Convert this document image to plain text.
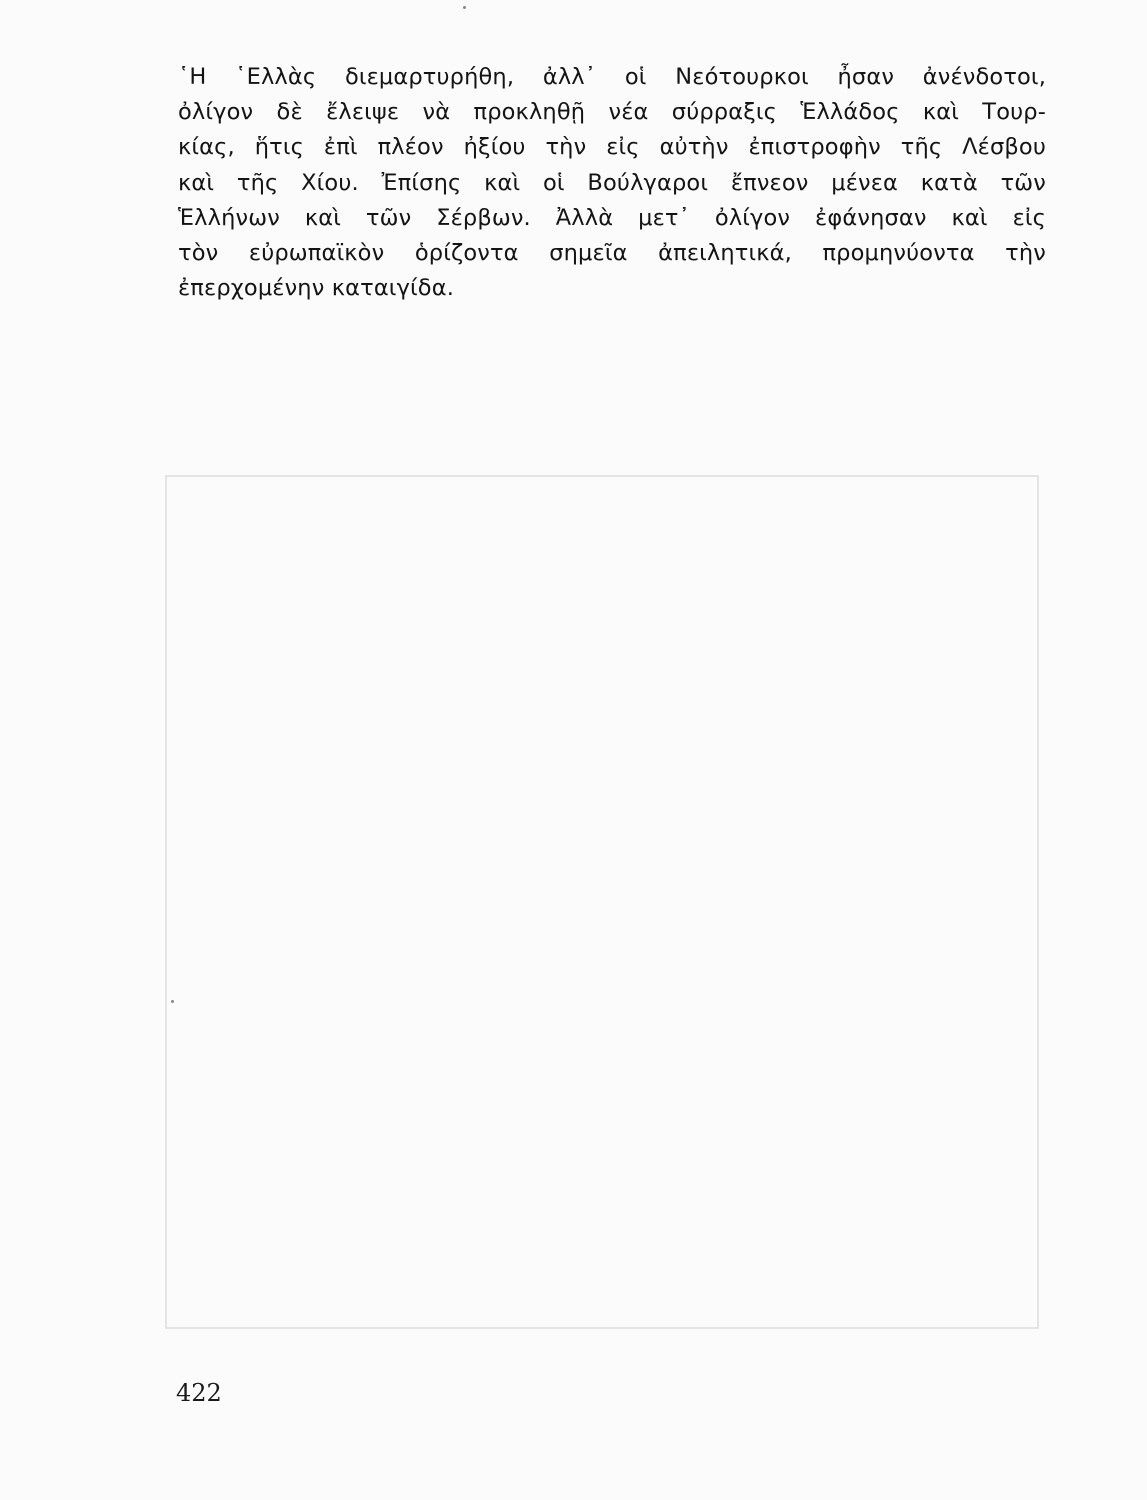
῾Η ῾Ελλὰς διεμαρτυρήθη, ἀλλ᾽ οἱ Νεότουρκοι ἦσαν ἀνένδοτοι,
ὀλίγον δὲ ἔλειψε νὰ προκληθῇ νέα σύρραξις Ἑλλάδος καὶ Τουρ-
κίας, ἥτις ἐπὶ πλέον ἠξίου τὴν εἰς αὐτὴν ἐπιστροφὴν τῆς Λέσβου
καὶ τῆς Χίου. Ἐπίσης καὶ οἱ Βούλγαροι ἔπνεον μένεα κατὰ τῶν
Ἑλλήνων καὶ τῶν Σέρβων. Ἀλλὰ μετ᾽ ὀλίγον ἐφάνησαν καὶ εἰς
τὸν εὐρωπαϊκὸν ὁρίζοντα σημεῖα ἀπειλητικά, προμηνύοντα τὴν
ἐπερχομένην καταιγίδα.

422
